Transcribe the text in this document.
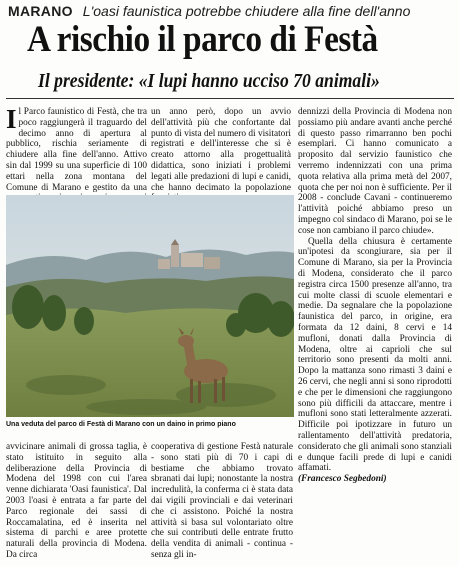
MARANO L'oasi faunistica potrebbe chiudere alla fine dell'anno
A rischio il parco di Festà
Il presidente: «I lupi hanno ucciso 70 animali»

Il Parco faunistico di Festà, che tra poco raggiungerà il traguardo del decimo anno di apertura al pubblico, rischia seriamente di chiudere alla fine dell'anno. Attivo sin dal 1999 su una superficie di 100 ettari nella zona montana del Comune di Marano e gestito da una

un anno però, dopo un avvio dell'attività più che confortante dal punto di vista del numero di visitatori registrati e dell'interesse che si è creato attorno alla progettualità didattica, sono iniziati i problemi legati alle predazioni di lupi e canidi, che hanno decimato la popolazione

Una veduta del parco di Festà di Marano con un daino in primo piano

dennizzi della Provincia di Modena non possiamo più andare avanti anche perché di questo passo rimarranno ben pochi esemplari. Ci hanno comunicato a proposito dal servizio faunistico che verremo indennizzati con una prima quota relativa alla prima metà del 2007, quota che per noi non è sufficiente. Per il 2008 - conclude Cavani - continueremo l'attività poiché abbiamo preso un impegno col sindaco di Marano, poi se le cose non cambiano il parco chiude».

Quella della chiusura è certamente un'ipotesi da scongiurare, sia per il Comune di Marano, sia per la Provincia di Modena, considerato che il parco registra circa 1500 presenze all'anno, tra cui molte classi di scuole elementari e medie. Da segnalare che la popolazione faunistica del parco, in origine, era formata da 12 daini, 8 cervi e 14 mufloni, donati dalla Provincia di Modena, oltre ai caprioli che sul territorio sono presenti da molti anni. Dopo la mattanza sono rimasti 3 daini e 26 cervi, che negli anni si sono riprodotti e che per le dimensioni che raggiungono sono più difficili da attaccare, mentre i mufloni sono stati letteralmente azzerati. Difficile poi ipotizzare in futuro un rallentamento dell'attività predatoria, considerato che gli animali sono stanziali e dunque facili prede di lupi e canidi affamati.

(Francesco Segbedoni)

avvicinare animali di grossa taglia, è stato istituito in seguito alla deliberazione della Provincia di Modena del 1998 con cui l'area venne dichiarata 'Oasi faunistica'. Dal 2003 l'oasi è entrata a far parte del Parco regionale dei sassi di Roccamalatina, ed è inserita nel sistema di parchi e aree protette naturali della provincia di Modena. Da circa

cooperativa di gestione Festà naturale - sono stati più di 70 i capi di bestiame che abbiamo trovato sbranati dai lupi; nonostante la nostra incredulità, la conferma ci è stata data dai vigili provinciali e dai veterinari che ci assistono. Poiché la nostra attività si basa sul volontariato oltre che sui contributi delle entrate frutto della vendita di animali - continua - senza gli in-
